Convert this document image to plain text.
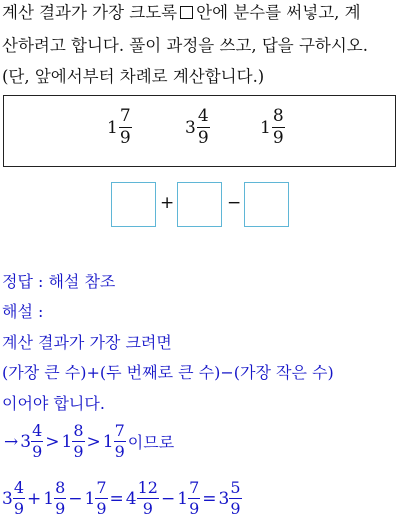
계산 결과가 가장 크도록 안에 분수를 써넣고, 계
산하려고 합니다. 풀이 과정을 쓰고, 답을 구하시오.
(단, 앞에서부터 차례로 계산합니다.)
$1 \frac{7}{9}$	$3 \frac{4}{9}$	$1 \frac{8}{9}$
+	−
정답 : 해설 참조
해설 :
계산 결과가 가장 크려면
(가장 큰 수)+(두 번째로 큰 수)−(가장 작은 수)
이어야 합니다.
→ $3 \frac{4}{9} > 1 \frac{8}{9} > 1 \frac{7}{9}$ 이므로
$3 \frac{4}{9} + 1 \frac{8}{9} - 1 \frac{7}{9} = 4 \frac{12}{9} - 1 \frac{7}{9} = 3 \frac{5}{9}$
